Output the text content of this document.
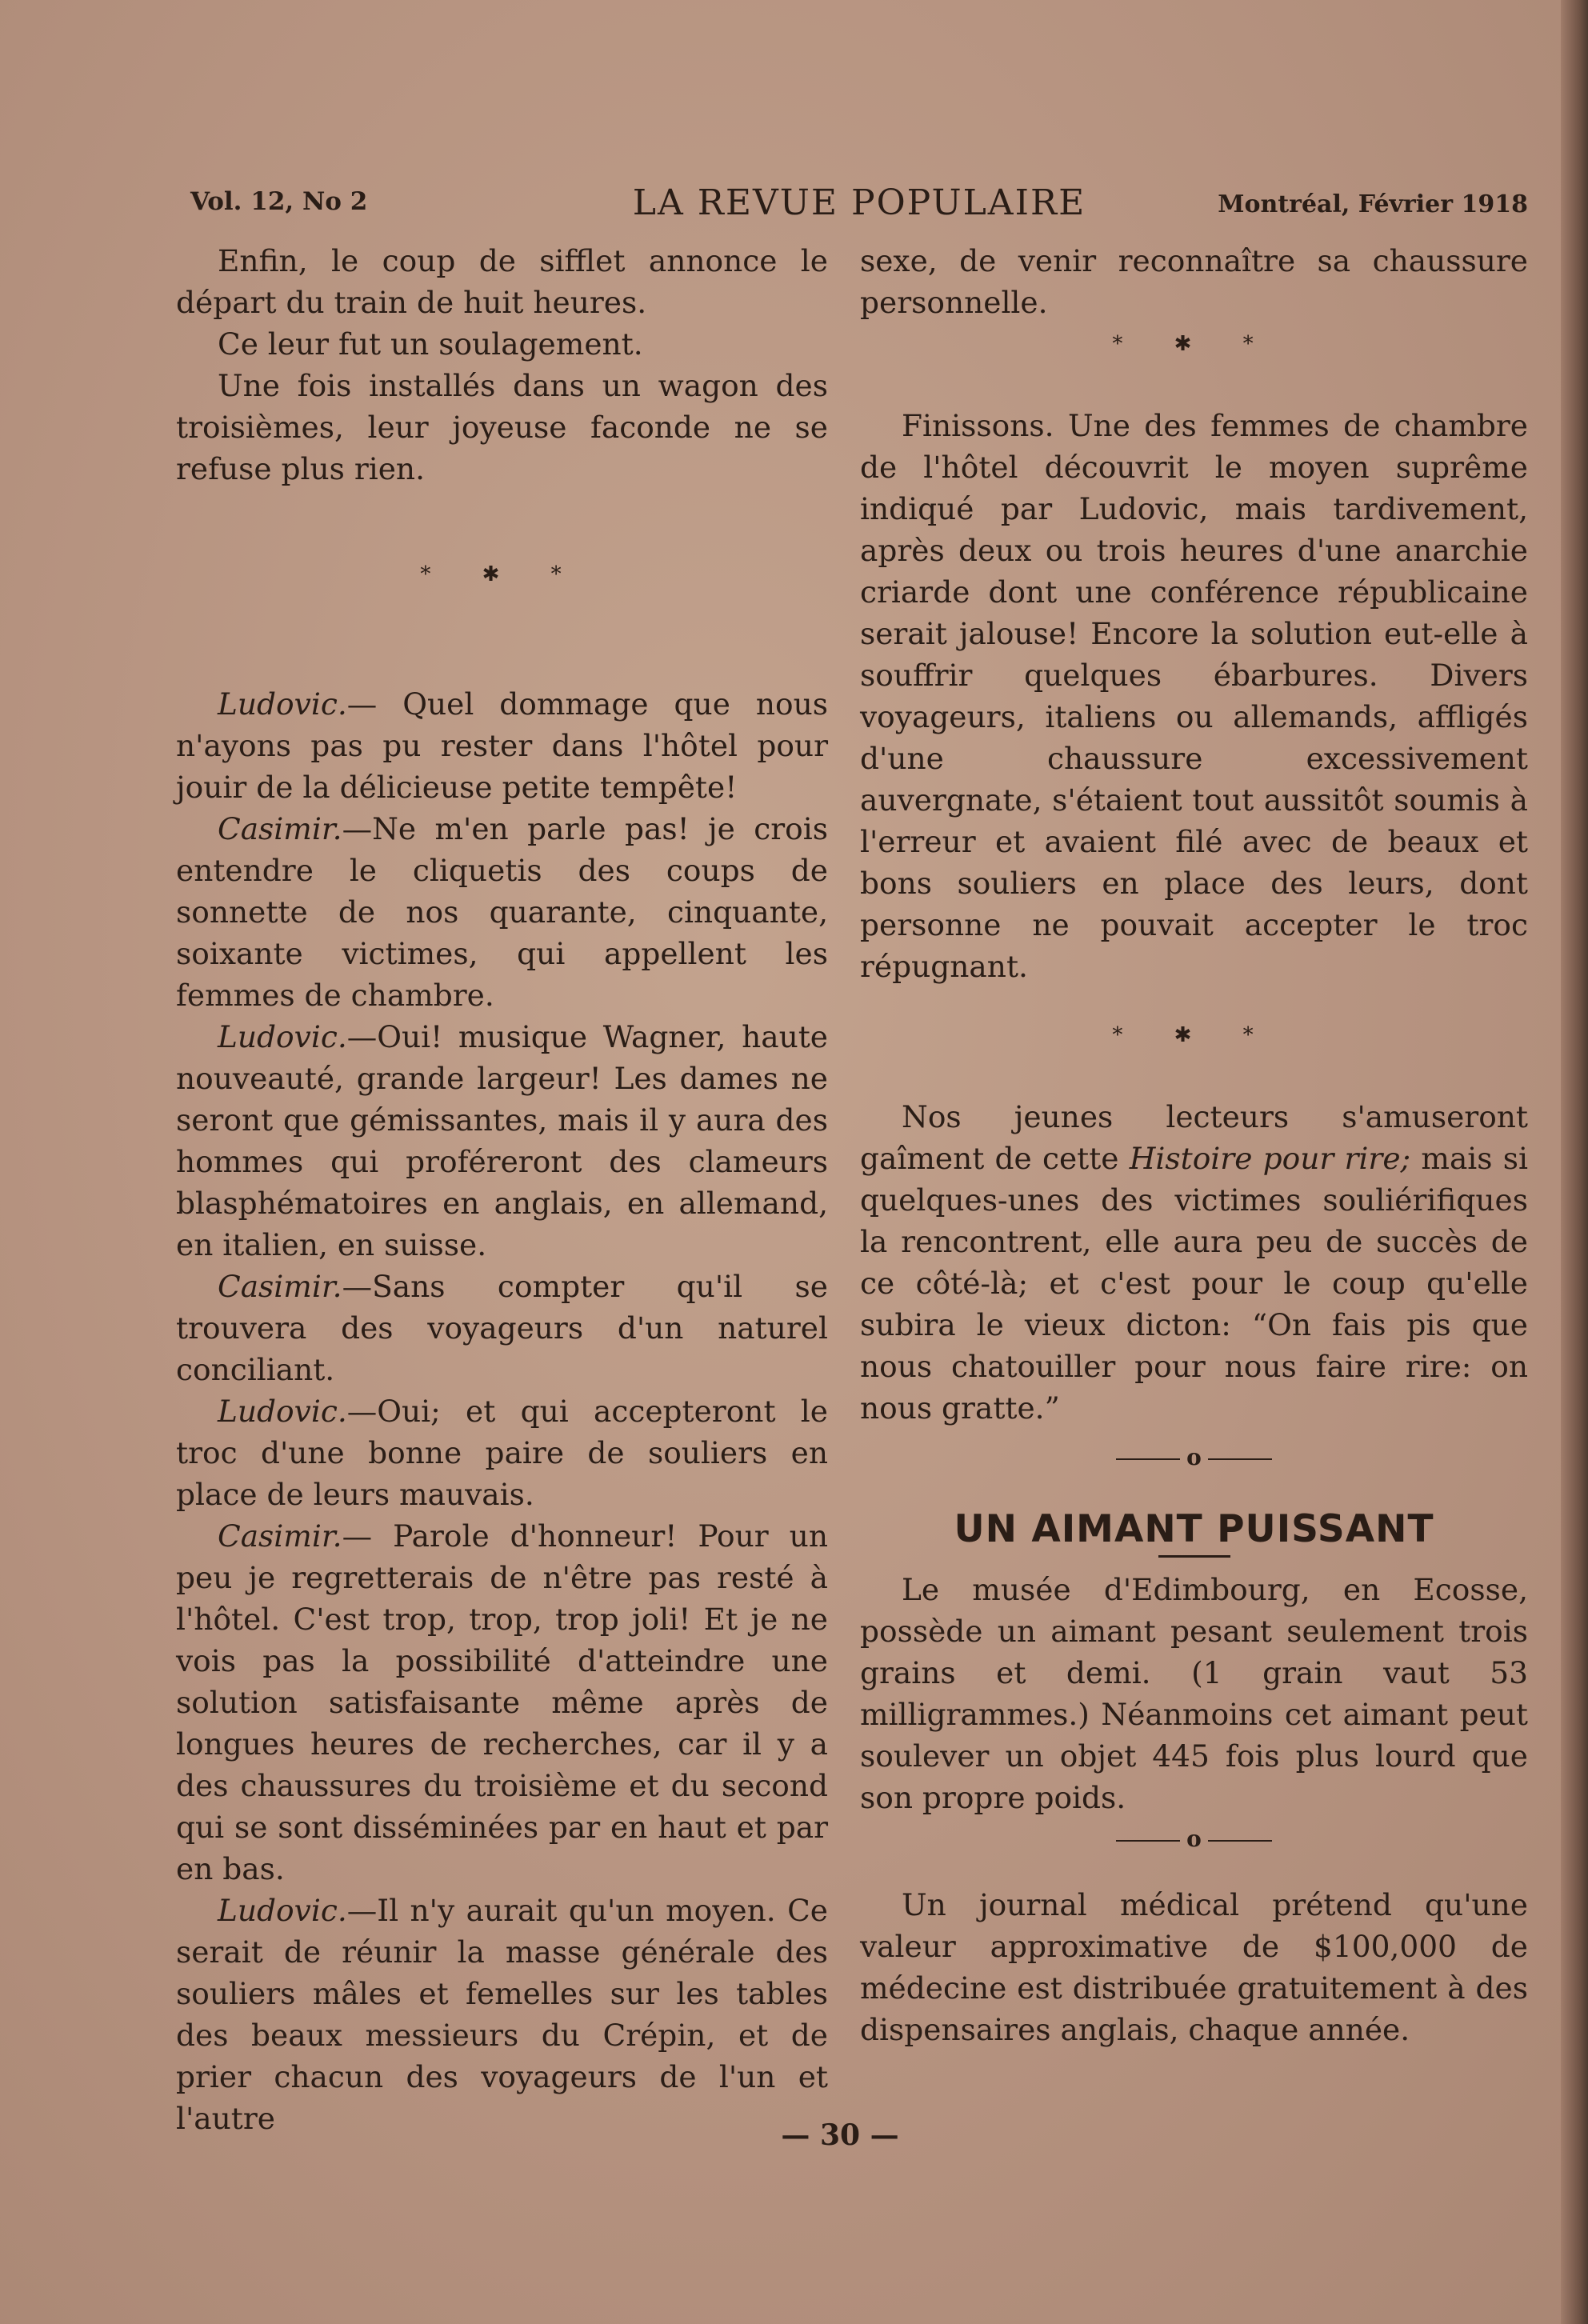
Vol. 12, No 2	LA REVUE POPULAIRE	Montréal, Février 1918

Enfin, le coup de sifflet annonce le départ du train de huit heures.

Ce leur fut un soulagement.

Une fois installés dans un wagon des troisièmes, leur joyeuse faconde ne se refuse plus rien.

* ✱ *

Ludovic.— Quel dommage que nous n'ayons pas pu rester dans l'hôtel pour jouir de la délicieuse petite tempête!

Casimir.—Ne m'en parle pas! je crois entendre le cliquetis des coups de sonnette de nos quarante, cinquante, soixante victimes, qui appellent les femmes de chambre.

Ludovic.—Oui! musique Wagner, haute nouveauté, grande largeur! Les dames ne seront que gémissantes, mais il y aura des hommes qui proféreront des clameurs blasphématoires en anglais, en allemand, en italien, en suisse.

Casimir.—Sans compter qu'il se trouvera des voyageurs d'un naturel conciliant.

Ludovic.—Oui; et qui accepteront le troc d'une bonne paire de souliers en place de leurs mauvais.

Casimir.— Parole d'honneur! Pour un peu je regretterais de n'être pas resté à l'hôtel. C'est trop, trop, trop joli! Et je ne vois pas la possibilité d'atteindre une solution satisfaisante même après de longues heures de recherches, car il y a des chaussures du troisième et du second qui se sont disséminées par en haut et par en bas.

Ludovic.—Il n'y aurait qu'un moyen. Ce serait de réunir la masse générale des souliers mâles et femelles sur les tables des beaux messieurs du Crépin, et de prier chacun des voyageurs de l'un et l'autre

sexe, de venir reconnaître sa chaussure personnelle.

* ✱ *

Finissons. Une des femmes de chambre de l'hôtel découvrit le moyen suprême indiqué par Ludovic, mais tardivement, après deux ou trois heures d'une anarchie criarde dont une conférence républicaine serait jalouse! Encore la solution eut-elle à souffrir quelques ébarbures. Divers voyageurs, italiens ou allemands, affligés d'une chaussure excessivement auvergnate, s'étaient tout aussitôt soumis à l'erreur et avaient filé avec de beaux et bons souliers en place des leurs, dont personne ne pouvait accepter le troc répugnant.

* ✱ *

Nos jeunes lecteurs s'amuseront gaîment de cette Histoire pour rire; mais si quelques-unes des victimes souliérifiques la rencontrent, elle aura peu de succès de ce côté-là; et c'est pour le coup qu'elle subira le vieux dicton: “On fais pis que nous chatouiller pour nous faire rire: on nous gratte.”

o

UN AIMANT PUISSANT

Le musée d'Edimbourg, en Ecosse, possède un aimant pesant seulement trois grains et demi. (1 grain vaut 53 milligrammes.) Néanmoins cet aimant peut soulever un objet 445 fois plus lourd que son propre poids.

o

Un journal médical prétend qu'une valeur approximative de $100,000 de médecine est distribuée gratuitement à des dispensaires anglais, chaque année.

— 30 —
